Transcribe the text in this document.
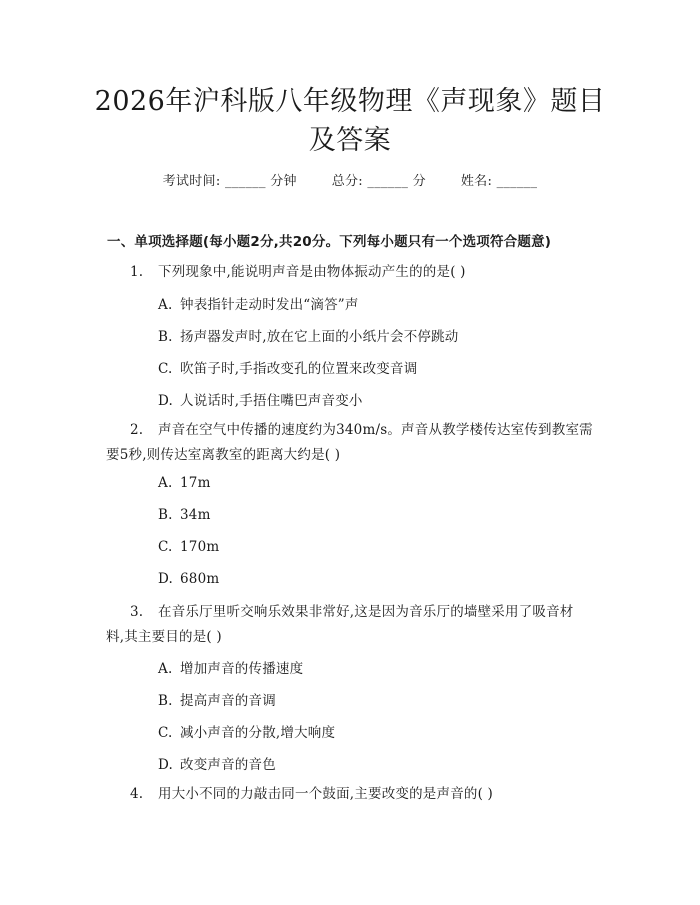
2026年沪科版八年级物理《声现象》题目及答案
考试时间: ______ 分钟	总分: ______ 分	姓名: ______
一、单项选择题(每小题2分,共20分。下列每小题只有一个选项符合题意)
1. 下列现象中,能说明声音是由物体振动产生的的是( )
A. 钟表指针走动时发出“滴答”声
B. 扬声器发声时,放在它上面的小纸片会不停跳动
C. 吹笛子时,手指改变孔的位置来改变音调
D. 人说话时,手捂住嘴巴声音变小
2. 声音在空气中传播的速度约为340m/s。声音从教学楼传达室传到教室需
要5秒,则传达室离教室的距离大约是( )
A. 17m
B. 34m
C. 170m
D. 680m
3. 在音乐厅里听交响乐效果非常好,这是因为音乐厅的墙壁采用了吸音材
料,其主要目的是( )
A. 增加声音的传播速度
B. 提高声音的音调
C. 减小声音的分散,增大响度
D. 改变声音的音色
4. 用大小不同的力敲击同一个鼓面,主要改变的是声音的( )
